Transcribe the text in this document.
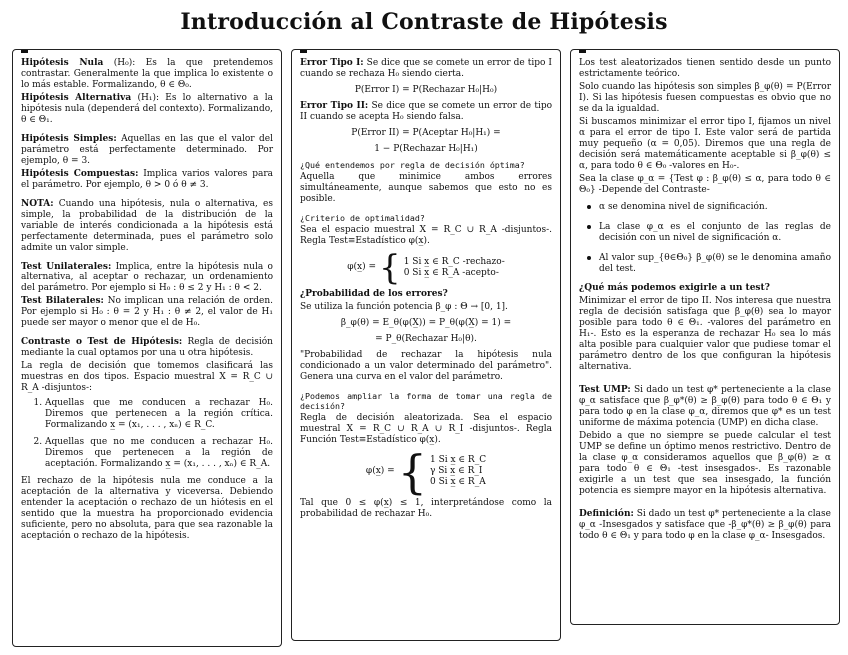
Introducción al Contraste de Hipótesis

Hipótesis Nula (H₀): Es la que pretendemos contrastar. Generalmente la que implica lo existente o lo más estable. Formalizando, θ ∈ Θ₀.

Hipótesis Alternativa (H₁): Es lo alternativo a la hipótesis nula (dependerá del contexto). Formalizando, θ ∈ Θ₁.

Hipótesis Simples: Aquellas en las que el valor del parámetro está perfectamente determinado. Por ejemplo, θ = 3.

Hipótesis Compuestas: Implica varios valores para el parámetro. Por ejemplo, θ > 0 ó θ ≠ 3.

NOTA: Cuando una hipótesis, nula o alternativa, es simple, la probabilidad de la distribución de la variable de interés condicionada a la hipótesis está perfectamente determinada, pues el parámetro solo admite un valor simple.

Test Unilaterales: Implica, entre la hipótesis nula o alternativa, al aceptar o rechazar, un ordenamiento del parámetro. Por ejemplo si H₀ : θ ≤ 2 y H₁ : θ < 2.

Test Bilaterales: No implican una relación de orden. Por ejemplo si H₀ : θ = 2 y H₁ : θ ≠ 2, el valor de H₁ puede ser mayor o menor que el de H₀.

Contraste o Test de Hipótesis: Regla de decisión mediante la cual optamos por una u otra hipótesis.

La regla de decisión que tomemos clasificará las muestras en dos tipos. Espacio muestral X = R_C ∪ R_A -disjuntos-:

1. Aquellas que me conducen a rechazar H₀. Diremos que pertenecen a la región crítica. Formalizando x̲ = (x₁, . . . , xₙ) ∈ R_C.
2. Aquellas que no me conducen a rechazar H₀. Diremos que pertenecen a la región de aceptación. Formalizando x̲ = (x₁, . . . , xₙ) ∈ R_A.

El rechazo de la hipótesis nula me conduce a la aceptación de la alternativa y viceversa. Debiendo entender la aceptación o rechazo de un hiótesis en el sentido que la muestra ha proporcionado evidencia suficiente, pero no absoluta, para que sea razonable la aceptación o rechazo de la hipótesis.

Error Tipo I: Se dice que se comete un error de tipo I cuando se rechaza H₀ siendo cierta.

P(Error I) = P(Rechazar H₀|H₀)

Error Tipo II: Se dice que se comete un error de tipo II cuando se acepta H₀ siendo falsa.

P(Error II) = P(Aceptar H₀|H₁) =
1 − P(Rechazar H₀|H₁)

¿Qué entendemos por regla de decisión óptima?

Aquella que minimice ambos errores simultáneamente, aunque sabemos que esto no es posible.

¿Criterio de optimalidad?

Sea el espacio muestral X = R_C ∪ R_A -disjuntos-. Regla Test≡Estadístico φ(x̲).

φ(x̲) = { 1 Si x̲ ∈ R_C -rechazo-
0 Si x̲ ∈ R_A -acepto-

¿Probabilidad de los errores?

Se utiliza la función potencia β_φ : Θ → [0, 1].

β_φ(θ) = E_θ(φ(X̲)) = P_θ(φ(X̲) = 1) =
= P_θ(Rechazar H₀|θ).

"Probabilidad de rechazar la hipótesis nula condicionado a un valor determinado del parámetro". Genera una curva en el valor del parámetro.

¿Podemos ampliar la forma de tomar una regla de decisión?

Regla de decisión aleatorizada. Sea el espacio muestral X = R_C ∪ R_A ∪ R_I -disjuntos-. Regla Función Test≡Estadístico φ(x̲).

φ(x̲) = { 1 Si x̲ ∈ R_C
γ Si x̲ ∈ R_I
0 Si x̲ ∈ R_A

Tal que 0 ≤ φ(x̲) ≤ 1, interpretándose como la probabilidad de rechazar H₀.

Los test aleatorizados tienen sentido desde un punto estrictamente teórico.

Solo cuando las hipótesis son simples β_φ(θ) = P(Error I). Si las hipótesis fuesen compuestas es obvio que no se da la igualdad.

Si buscamos minimizar el error tipo I, fijamos un nivel α para el error de tipo I. Este valor será de partida muy pequeño (α = 0,05). Diremos que una regla de decisión será matemáticamente aceptable si β_φ(θ) ≤ α, para todo θ ∈ Θ₀ -valores en H₀-.

Sea la clase φ_α = {Test φ : β_φ(θ) ≤ α, para todo θ ∈ Θ₀} -Depende del Contraste-

α se denomina nivel de significación.
La clase φ_α es el conjunto de las reglas de decisión con un nivel de significación α.
Al valor sup_{θ∈Θ₀} β_φ(θ) se le denomina amaño del test.

¿Qué más podemos exigirle a un test?

Minimizar el error de tipo II. Nos interesa que nuestra regla de decisión satisfaga que β_φ(θ) sea lo mayor posible para todo θ ∈ Θ₁. -valores del parámetro en H₁-. Esto es la esperanza de rechazar H₀ sea lo más alta posible para cualquier valor que pudiese tomar el parámetro dentro de los que configuran la hipótesis alternativa.

Test UMP: Si dado un test φ* perteneciente a la clase φ_α satisface que β_φ*(θ) ≥ β_φ(θ) para todo θ ∈ Θ₁ y para todo φ en la clase φ_α, diremos que φ* es un test uniforme de máxima potencia (UMP) en dicha clase.

Debido a que no siempre se puede calcular el test UMP se define un óptimo menos restrictivo. Dentro de la clase φ_α consideramos aquellos que β_φ(θ) ≥ α para todo θ ∈ Θ₁ -test insesgados-. Es razonable exigirle a un test que sea insesgado, la función potencia es siempre mayor en la hipótesis alternativa.

Definición: Si dado un test φ* perteneciente a la clase φ_α -Insesgados y satisface que -β_φ*(θ) ≥ β_φ(θ) para todo θ ∈ Θ₁ y para todo φ en la clase φ_α- Insesgados.
